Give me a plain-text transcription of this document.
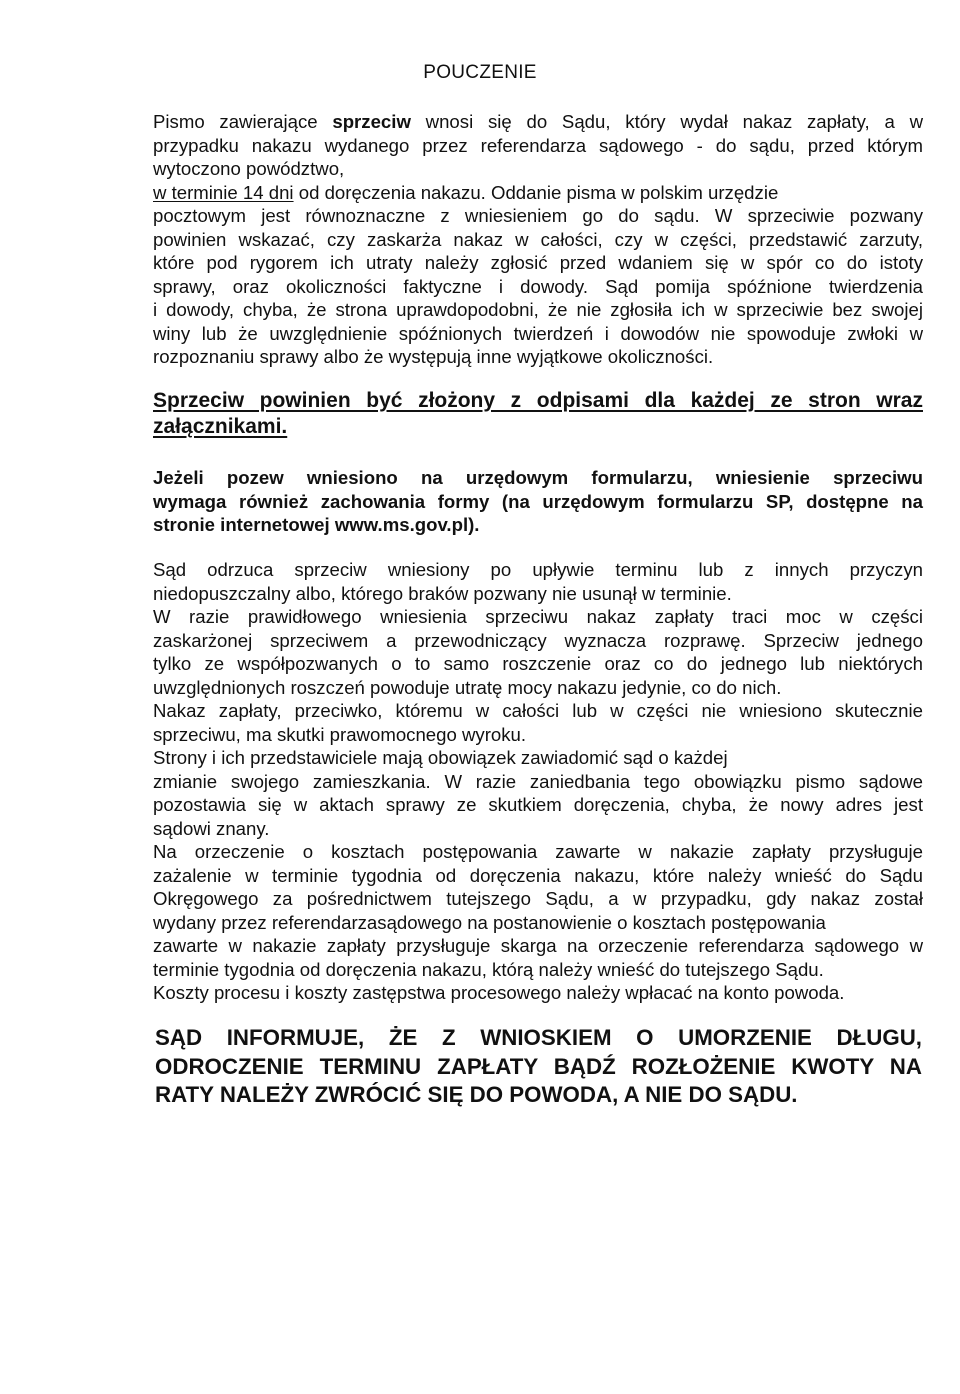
POUCZENIE

Pismo zawierające sprzeciw wnosi się do Sądu, który wydał nakaz zapłaty, a w

przypadku nakazu wydanego przez referendarza sądowego - do sądu, przed którym

wytoczono powództwo,

w terminie 14 dni od doręczenia nakazu. Oddanie pisma w polskim urzędzie

pocztowym jest równoznaczne z wniesieniem go do sądu. W sprzeciwie pozwany

powinien wskazać, czy zaskarża nakaz w całości, czy w części, przedstawić zarzuty,

które pod rygorem ich utraty należy zgłosić przed wdaniem się w spór co do istoty

sprawy, oraz okoliczności faktyczne i dowody. Sąd pomija spóźnione twierdzenia

i dowody, chyba, że strona uprawdopodobni, że nie zgłosiła ich w sprzeciwie bez swojej

winy lub że uwzględnienie spóźnionych twierdzeń i dowodów nie spowoduje zwłoki w

rozpoznaniu sprawy albo że występują inne wyjątkowe okoliczności.

Sprzeciw powinien być złożony z odpisami dla każdej ze stron wraz

załącznikami.

Jeżeli pozew wniesiono na urzędowym formularzu, wniesienie sprzeciwu

wymaga również zachowania formy (na urzędowym formularzu SP, dostępne na

stronie internetowej www.ms.gov.pl).

Sąd odrzuca sprzeciw wniesiony po upływie terminu lub z innych przyczyn

niedopuszczalny albo, którego braków pozwany nie usunął w terminie.

W razie prawidłowego wniesienia sprzeciwu nakaz zapłaty traci moc w części

zaskarżonej sprzeciwem a przewodniczący wyznacza rozprawę. Sprzeciw jednego

tylko ze współpozwanych o to samo roszczenie oraz co do jednego lub niektórych

uwzględnionych roszczeń powoduje utratę mocy nakazu jedynie, co do nich.

Nakaz zapłaty, przeciwko, któremu w całości lub w części nie wniesiono skutecznie

sprzeciwu, ma skutki prawomocnego wyroku.

Strony i ich przedstawiciele mają obowiązek zawiadomić sąd o każdej

zmianie swojego zamieszkania. W razie zaniedbania tego obowiązku pismo sądowe

pozostawia się w aktach sprawy ze skutkiem doręczenia, chyba, że nowy adres jest

sądowi znany.

Na orzeczenie o kosztach postępowania zawarte w nakazie zapłaty przysługuje

zażalenie w terminie tygodnia od doręczenia nakazu, które należy wnieść do Sądu

Okręgowego za pośrednictwem tutejszego Sądu, a w przypadku, gdy nakaz został

wydany przez referendarzasądowego na postanowienie o kosztach postępowania

zawarte w nakazie zapłaty przysługuje skarga na orzeczenie referendarza sądowego w

terminie tygodnia od doręczenia nakazu, którą należy wnieść do tutejszego Sądu.

Koszty procesu i koszty zastępstwa procesowego należy wpłacać na konto powoda.

SĄD INFORMUJE, ŻE Z WNIOSKIEM O UMORZENIE DŁUGU,

ODROCZENIE TERMINU ZAPŁATY BĄDŹ ROZŁOŻENIE KWOTY NA

RATY NALEŻY ZWRÓCIĆ SIĘ DO POWODA, A NIE DO SĄDU.
